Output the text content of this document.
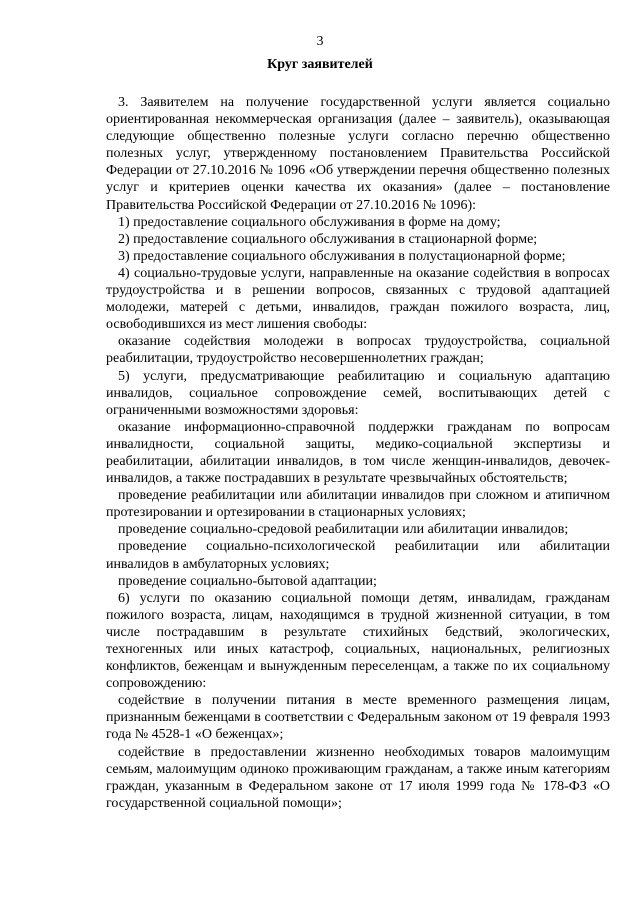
3
Круг заявителей

3. Заявителем на получение государственной услуги является социально ориентированная некоммерческая организация (далее – заявитель), оказывающая следующие общественно полезные услуги согласно перечню общественно полезных услуг, утвержденному постановлением Правительства Российской Федерации от 27.10.2016 № 1096 «Об утверждении перечня общественно полезных услуг и критериев оценки качества их оказания» (далее – постановление Правительства Российской Федерации от 27.10.2016 № 1096):

1) предоставление социального обслуживания в форме на дому;

2) предоставление социального обслуживания в стационарной форме;

3) предоставление социального обслуживания в полустационарной форме;

4) социально-трудовые услуги, направленные на оказание содействия в вопросах трудоустройства и в решении вопросов, связанных с трудовой адаптацией молодежи, матерей с детьми, инвалидов, граждан пожилого возраста, лиц, освободившихся из мест лишения свободы:

оказание содействия молодежи в вопросах трудоустройства, социальной реабилитации, трудоустройство несовершеннолетних граждан;

5) услуги, предусматривающие реабилитацию и социальную адаптацию инвалидов, социальное сопровождение семей, воспитывающих детей с ограниченными возможностями здоровья:

оказание информационно-справочной поддержки гражданам по вопросам инвалидности, социальной защиты, медико-социальной экспертизы и реабилитации, абилитации инвалидов, в том числе женщин-инвалидов, девочек-инвалидов, а также пострадавших в результате чрезвычайных обстоятельств;

проведение реабилитации или абилитации инвалидов при сложном и атипичном протезировании и ортезировании в стационарных условиях;

проведение социально-средовой реабилитации или абилитации инвалидов;

проведение социально-психологической реабилитации или абилитации инвалидов в амбулаторных условиях;

проведение социально-бытовой адаптации;

6) услуги по оказанию социальной помощи детям, инвалидам, гражданам пожилого возраста, лицам, находящимся в трудной жизненной ситуации, в том числе пострадавшим в результате стихийных бедствий, экологических, техногенных или иных катастроф, социальных, национальных, религиозных конфликтов, беженцам и вынужденным переселенцам, а также по их социальному сопровождению:

содействие в получении питания в месте временного размещения лицам, признанным беженцами в соответствии с Федеральным законом от 19 февраля 1993 года № 4528-1 «О беженцах»;

содействие в предоставлении жизненно необходимых товаров малоимущим семьям, малоимущим одиноко проживающим гражданам, а также иным категориям граждан, указанным в Федеральном законе от 17 июля 1999 года № 178-ФЗ «О государственной социальной помощи»;
